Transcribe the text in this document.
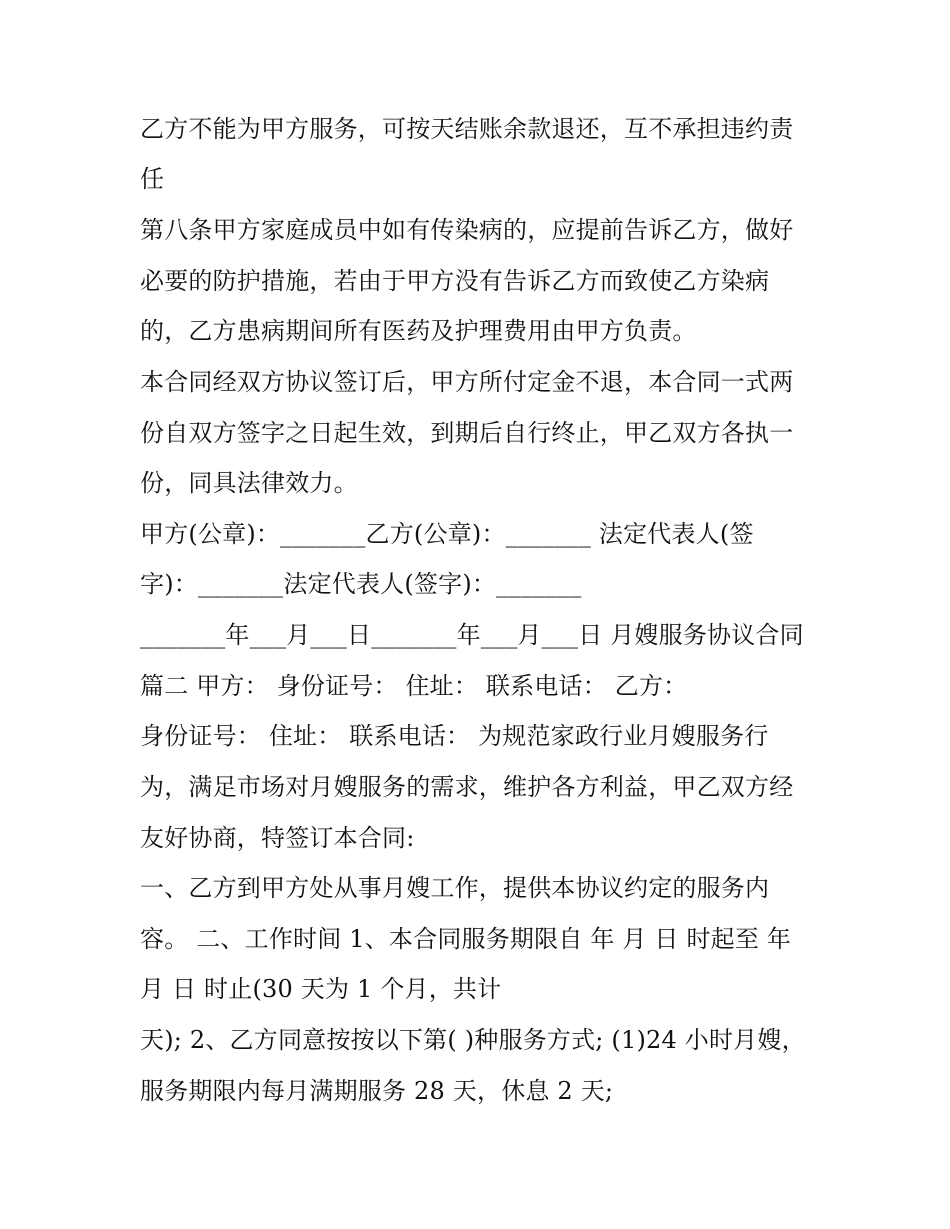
乙方不能为甲方服务，可按天结账余款退还，互不承担违约责
任
第八条甲方家庭成员中如有传染病的，应提前告诉乙方，做好
必要的防护措施，若由于甲方没有告诉乙方而致使乙方染病
的，乙方患病期间所有医药及护理费用由甲方负责。
本合同经双方协议签订后，甲方所付定金不退，本合同一式两
份自双方签字之日起生效，到期后自行终止，甲乙双方各执一
份，同具法律效力。
甲方(公章)：_______乙方(公章)：_______ 法定代表人(签
字)：_______法定代表人(签字)：_______
_______年___月___日_______年___月___日 月嫂服务协议合同
篇二 甲方： 身份证号： 住址： 联系电话： 乙方：
身份证号： 住址： 联系电话： 为规范家政行业月嫂服务行
为，满足市场对月嫂服务的需求，维护各方利益，甲乙双方经
友好协商，特签订本合同:
一、乙方到甲方处从事月嫂工作，提供本协议约定的服务内
容。 二、工作时间 1、本合同服务期限自 年 月 日 时起至 年
月 日 时止(30 天为 1 个月，共计
天); 2、乙方同意按按以下第( )种服务方式; (1)24 小时月嫂，
服务期限内每月满期服务 28 天，休息 2 天;
